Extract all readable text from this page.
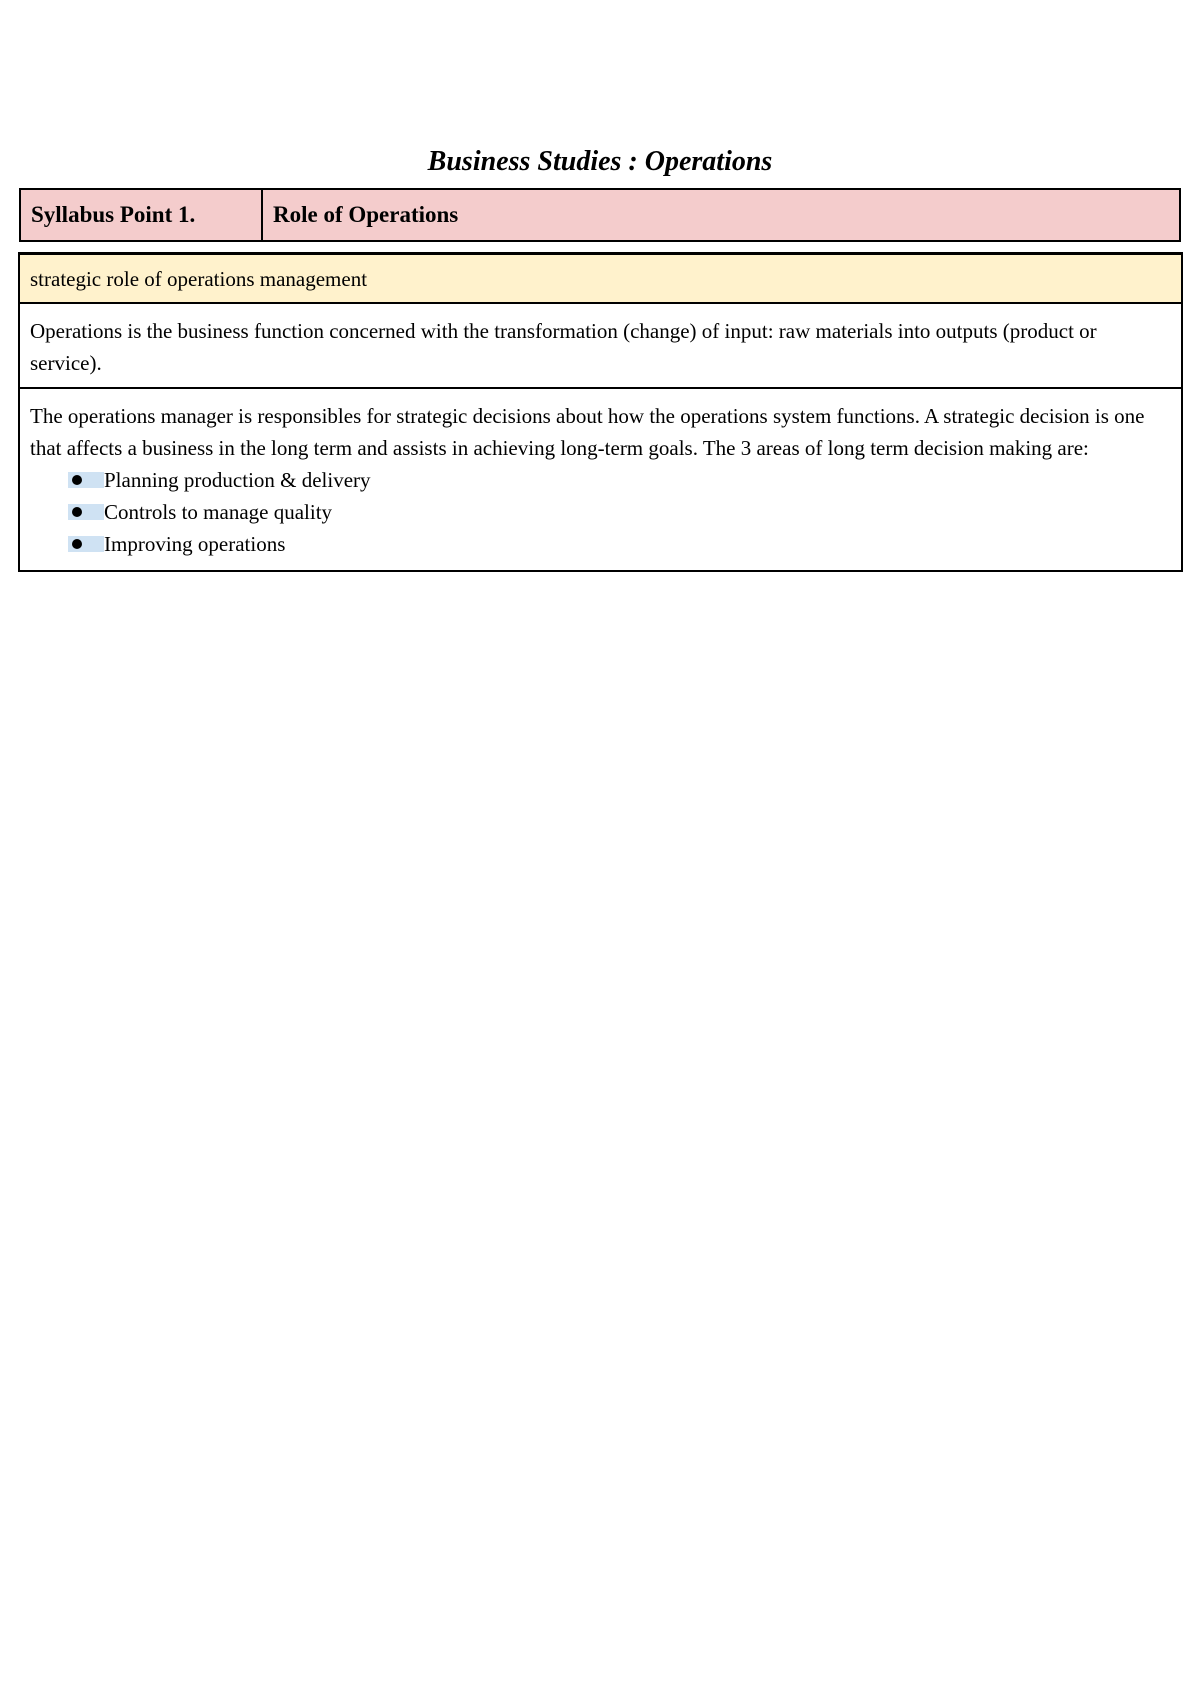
Business Studies : Operations
Syllabus Point 1.	Role of Operations
strategic role of operations management
Operations is the business function concerned with the transformation (change) of input: raw materials into outputs (product or service).
The operations manager is responsibles for strategic decisions about how the operations system functions. A strategic decision is one that affects a business in the long term and assists in achieving long-term goals. The 3 areas of long term decision making are:
Planning production & delivery
Controls to manage quality
Improving operations
